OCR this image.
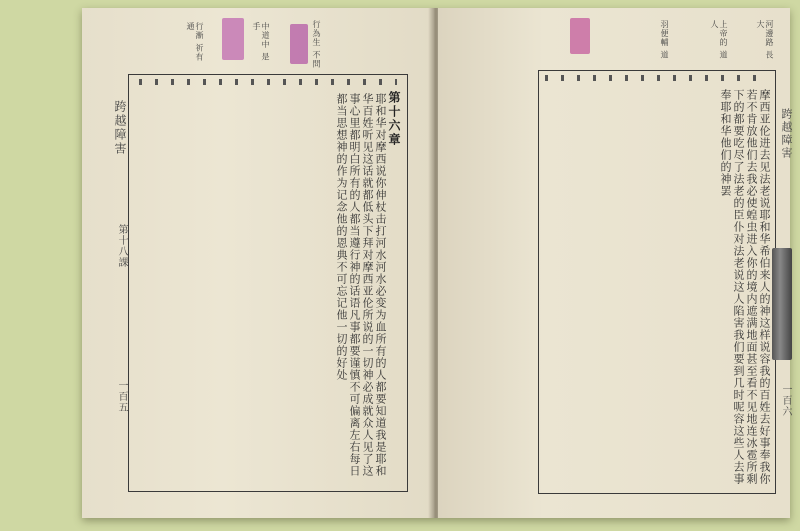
行漸 祈有通	中道中 是手	行為生 不問
跨越障害
第十八課
一百五
第十六章
耶和华对摩西说你伸杖击打河水河水必变为血所有的人都要知道我是耶和华百姓听见这话就都低头下拜对摩西亚伦所说的一切神必成就众人见了这事心里都明白所有的人都当遵行神的话语凡事都要谨慎不可偏离左右每日都当思想神的作为记念他的恩典不可忘记他一切的好处
河邊路 長大
上帝的 道人
羽便輔 道
摩西亚伦进去见法老说耶和华希伯来人的神这样说容我的百姓去好事奉我你若不肯放他们去我必使蝗虫进入你的境内遮满地面甚至看不见地连冰雹所剩下的都要吃尽了法老的臣仆对法老说这人陷害我们要到几时呢容这些人去事奉耶和华他们的神罢	跨越障害
一百六
